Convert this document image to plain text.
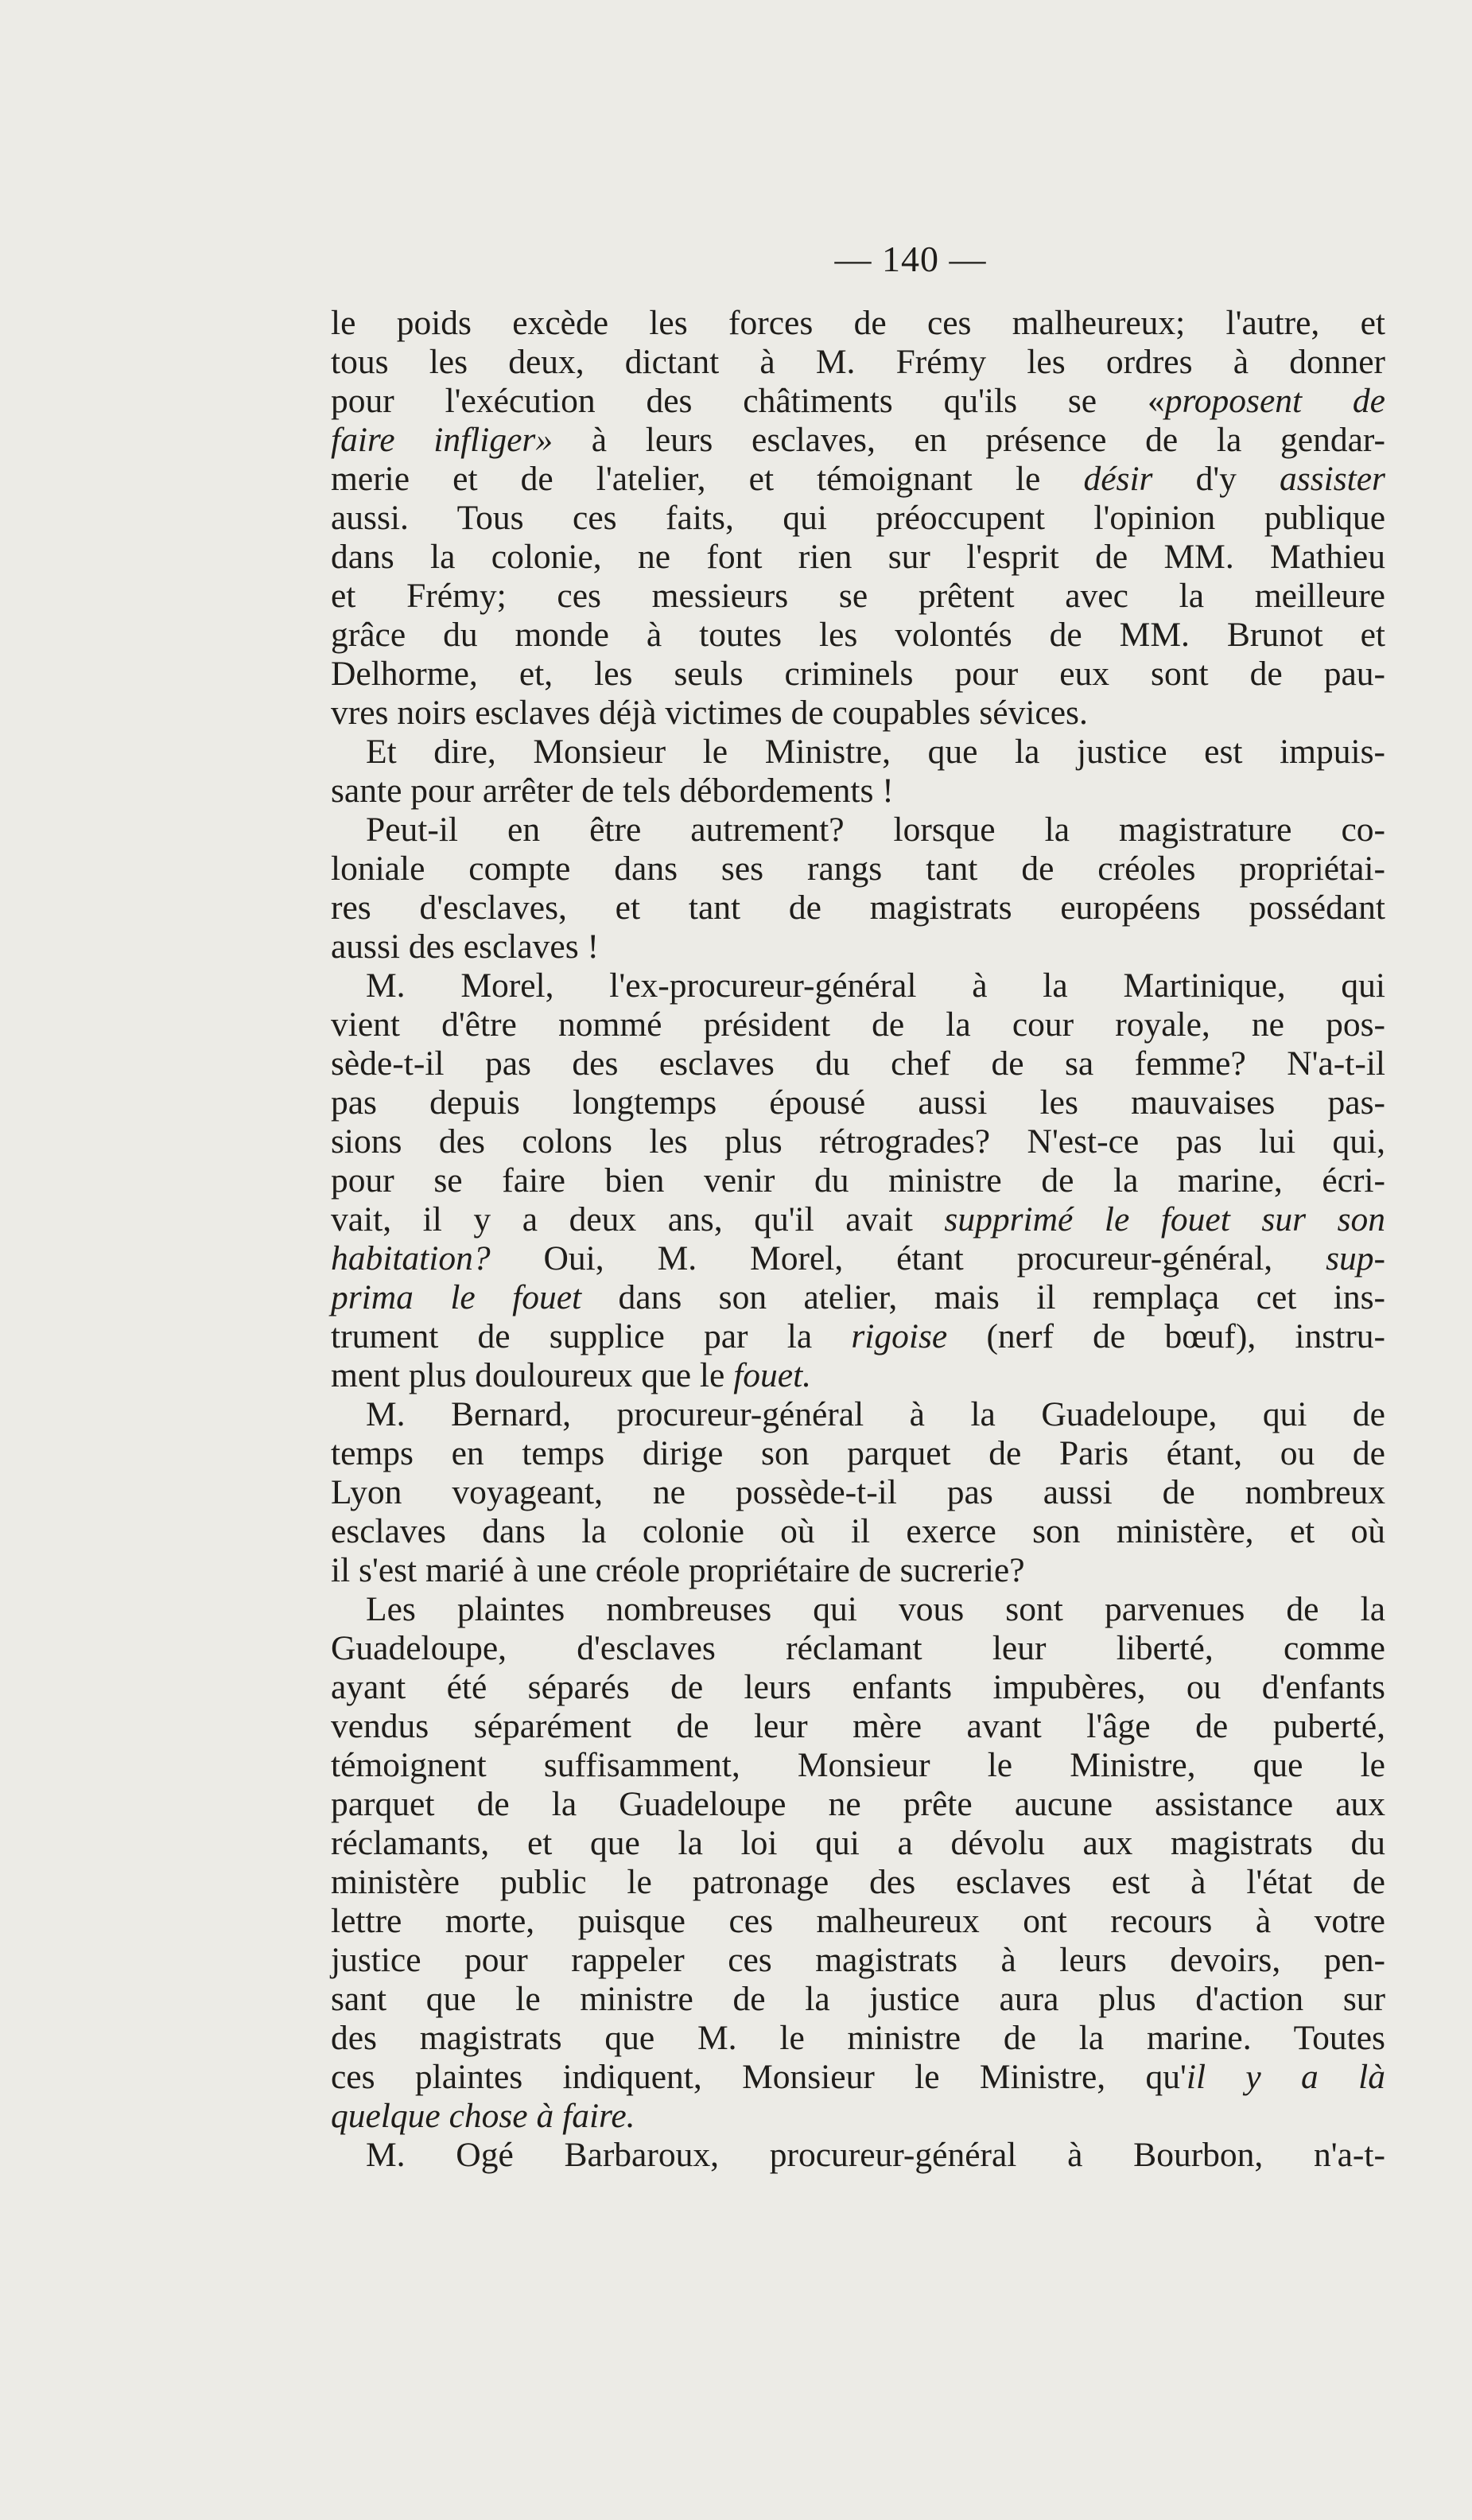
— 140 —
le poids excède les forces de ces malheureux; l'autre, et
tous les deux, dictant à M. Frémy les ordres à donner
pour l'exécution des châtiments qu'ils se «proposent de
faire infliger» à leurs esclaves, en présence de la gendar-
merie et de l'atelier, et témoignant le désir d'y assister
aussi. Tous ces faits, qui préoccupent l'opinion publique
dans la colonie, ne font rien sur l'esprit de MM. Mathieu
et Frémy; ces messieurs se prêtent avec la meilleure
grâce du monde à toutes les volontés de MM. Brunot et
Delhorme, et, les seuls criminels pour eux sont de pau-
vres noirs esclaves déjà victimes de coupables sévices.
Et dire, Monsieur le Ministre, que la justice est impuis-
sante pour arrêter de tels débordements !
Peut-il en être autrement? lorsque la magistrature co-
loniale compte dans ses rangs tant de créoles propriétai-
res d'esclaves, et tant de magistrats européens possédant
aussi des esclaves !
M. Morel, l'ex-procureur-général à la Martinique, qui
vient d'être nommé président de la cour royale, ne pos-
sède-t-il pas des esclaves du chef de sa femme? N'a-t-il
pas depuis longtemps épousé aussi les mauvaises pas-
sions des colons les plus rétrogrades? N'est-ce pas lui qui,
pour se faire bien venir du ministre de la marine, écri-
vait, il y a deux ans, qu'il avait supprimé le fouet sur son
habitation? Oui, M. Morel, étant procureur-général, sup-
prima le fouet dans son atelier, mais il remplaça cet ins-
trument de supplice par la rigoise (nerf de bœuf), instru-
ment plus douloureux que le fouet.
M. Bernard, procureur-général à la Guadeloupe, qui de
temps en temps dirige son parquet de Paris étant, ou de
Lyon voyageant, ne possède-t-il pas aussi de nombreux
esclaves dans la colonie où il exerce son ministère, et où
il s'est marié à une créole propriétaire de sucrerie?
Les plaintes nombreuses qui vous sont parvenues de la
Guadeloupe, d'esclaves réclamant leur liberté, comme
ayant été séparés de leurs enfants impubères, ou d'enfants
vendus séparément de leur mère avant l'âge de puberté,
témoignent suffisamment, Monsieur le Ministre, que le
parquet de la Guadeloupe ne prête aucune assistance aux
réclamants, et que la loi qui a dévolu aux magistrats du
ministère public le patronage des esclaves est à l'état de
lettre morte, puisque ces malheureux ont recours à votre
justice pour rappeler ces magistrats à leurs devoirs, pen-
sant que le ministre de la justice aura plus d'action sur
des magistrats que M. le ministre de la marine. Toutes
ces plaintes indiquent, Monsieur le Ministre, qu'il y a là
quelque chose à faire.
M. Ogé Barbaroux, procureur-général à Bourbon, n'a-t-
